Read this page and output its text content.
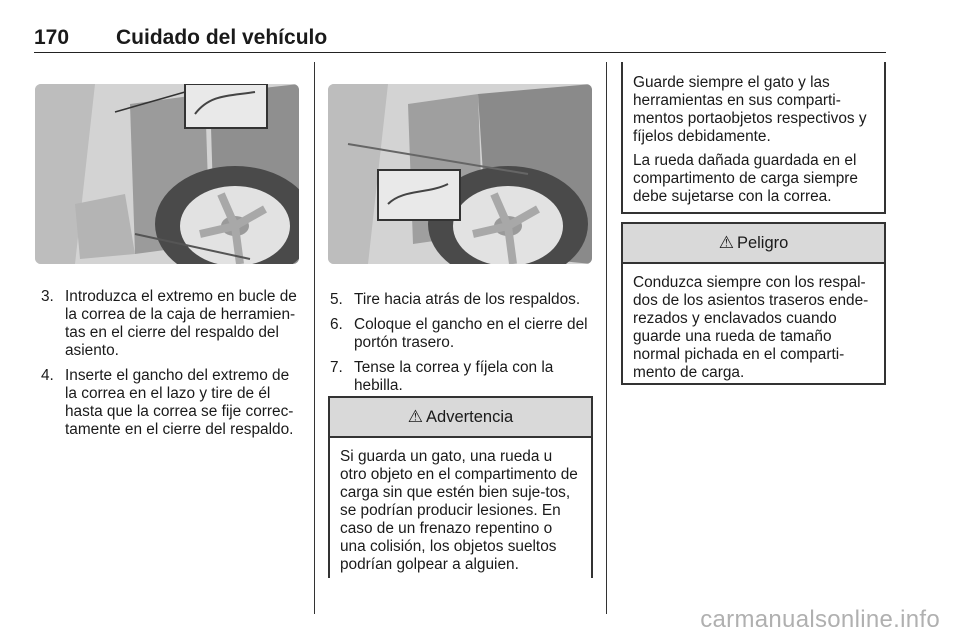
170 Cuidado del vehículo
3. Introduzca el extremo en bucle de la correa de la caja de herramien-tas en el cierre del respaldo del asiento.
4. Inserte el gancho del extremo de la correa en el lazo y tire de él hasta que la correa se fije correc-tamente en el cierre del respaldo.
5. Tire hacia atrás de los respaldos.
6. Coloque el gancho en el cierre del portón trasero.
7. Tense la correa y fíjela con la hebilla.
⚠ Advertencia
Si guarda un gato, una rueda u otro objeto en el compartimento de carga sin que estén bien suje-tos, se podrían producir lesiones. En caso de un frenazo repentino o una colisión, los objetos sueltos podrían golpear a alguien.

Guarde siempre el gato y las herramientas en sus comparti-mentos portaobjetos respectivos y fíjelos debidamente.

La rueda dañada guardada en el compartimento de carga siempre debe sujetarse con la correa.

⚠ Peligro
Conduzca siempre con los respal-dos de los asientos traseros ende-rezados y enclavados cuando guarde una rueda de tamaño normal pichada en el comparti-mento de carga.
carmanualsonline.info
